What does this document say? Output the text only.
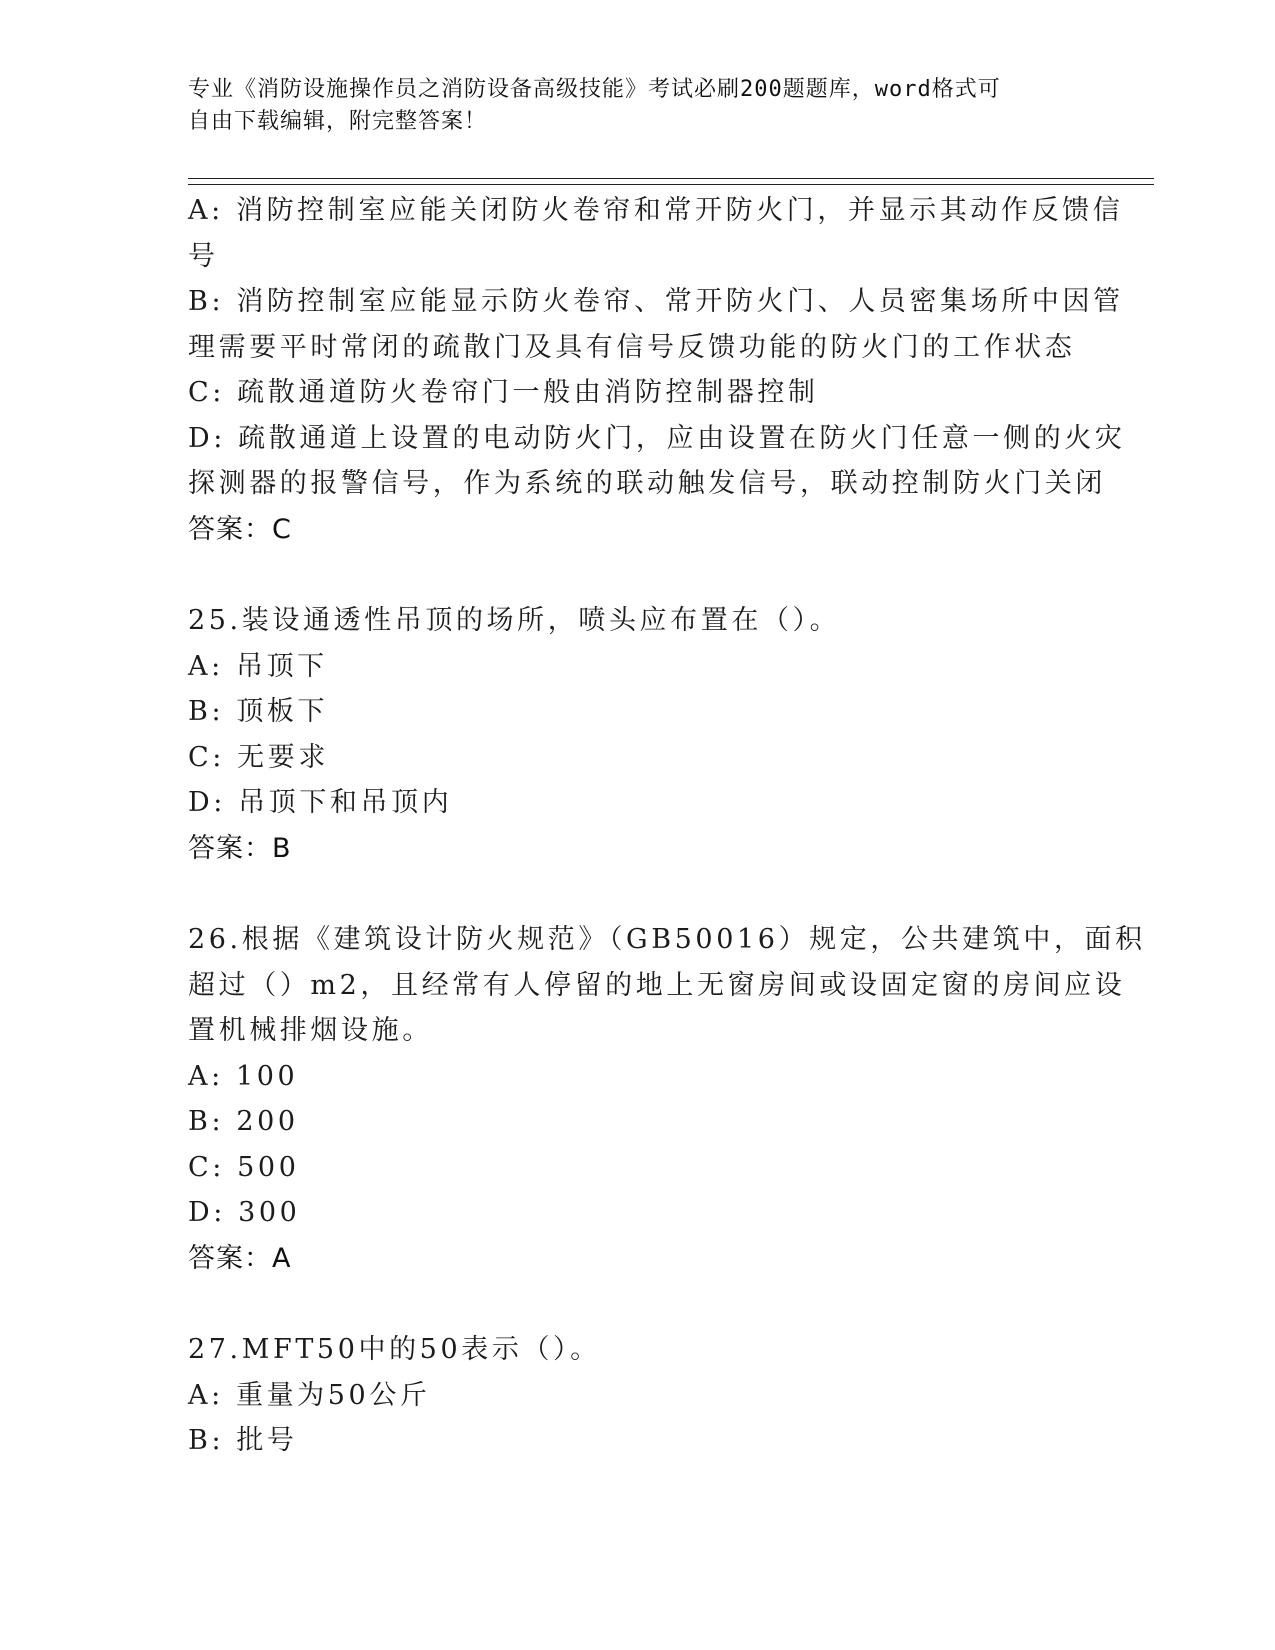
专业《消防设施操作员之消防设备高级技能》考试必刷200题题库，word格式可
自由下载编辑，附完整答案！
A: 消防控制室应能关闭防火卷帘和常开防火门，并显示其动作反馈信
号
B: 消防控制室应能显示防火卷帘、常开防火门、人员密集场所中因管
理需要平时常闭的疏散门及具有信号反馈功能的防火门的工作状态
C: 疏散通道防火卷帘门一般由消防控制器控制
D: 疏散通道上设置的电动防火门，应由设置在防火门任意一侧的火灾
探测器的报警信号，作为系统的联动触发信号，联动控制防火门关闭
答案：C
25.装设通透性吊顶的场所，喷头应布置在（）。
A: 吊顶下
B: 顶板下
C: 无要求
D: 吊顶下和吊顶内
答案：B
26.根据《建筑设计防火规范》（GB50016）规定，公共建筑中，面积
超过（）m2，且经常有人停留的地上无窗房间或设固定窗的房间应设
置机械排烟设施。
A: 100
B: 200
C: 500
D: 300
答案：A
27.MFT50中的50表示（）。
A: 重量为50公斤
B: 批号
